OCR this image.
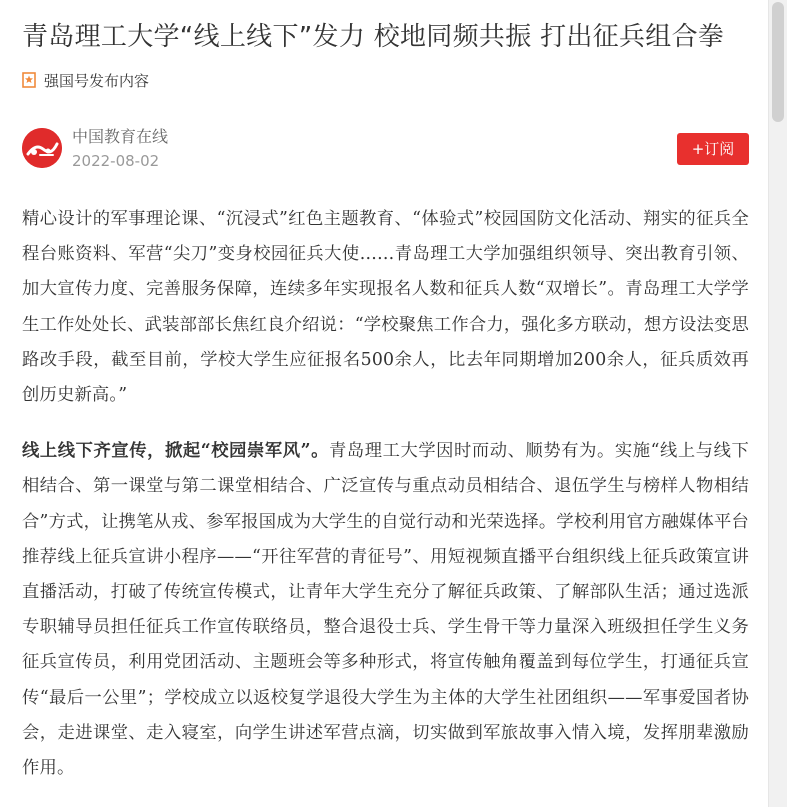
青岛理工大学“线上线下”发力 校地同频共振 打出征兵组合拳
强国号发布内容
中国教育在线
2022-08-02
+订阅

精心设计的军事理论课、“沉浸式”红色主题教育、“体验式”校园国防文化活动、翔实的征兵全程台账资料、军营“尖刀”变身校园征兵大使……青岛理工大学加强组织领导、突出教育引领、加大宣传力度、完善服务保障，连续多年实现报名人数和征兵人数“双增长”。青岛理工大学学生工作处处长、武装部部长焦红良介绍说：“学校聚焦工作合力，强化多方联动，想方设法变思路改手段，截至目前，学校大学生应征报名500余人，比去年同期增加200余人，征兵质效再创历史新高。”

线上线下齐宣传，掀起“校园崇军风”。青岛理工大学因时而动、顺势有为。实施“线上与线下相结合、第一课堂与第二课堂相结合、广泛宣传与重点动员相结合、退伍学生与榜样人物相结合”方式，让携笔从戎、参军报国成为大学生的自觉行动和光荣选择。学校利用官方融媒体平台推荐线上征兵宣讲小程序——“开往军营的青征号”、用短视频直播平台组织线上征兵政策宣讲直播活动，打破了传统宣传模式，让青年大学生充分了解征兵政策、了解部队生活；通过选派专职辅导员担任征兵工作宣传联络员，整合退役士兵、学生骨干等力量深入班级担任学生义务征兵宣传员，利用党团活动、主题班会等多种形式，将宣传触角覆盖到每位学生，打通征兵宣传“最后一公里”；学校成立以返校复学退役大学生为主体的大学生社团组织——军事爱国者协会，走进课堂、走入寝室，向学生讲述军营点滴，切实做到军旅故事入情入境，发挥朋辈激励作用。
